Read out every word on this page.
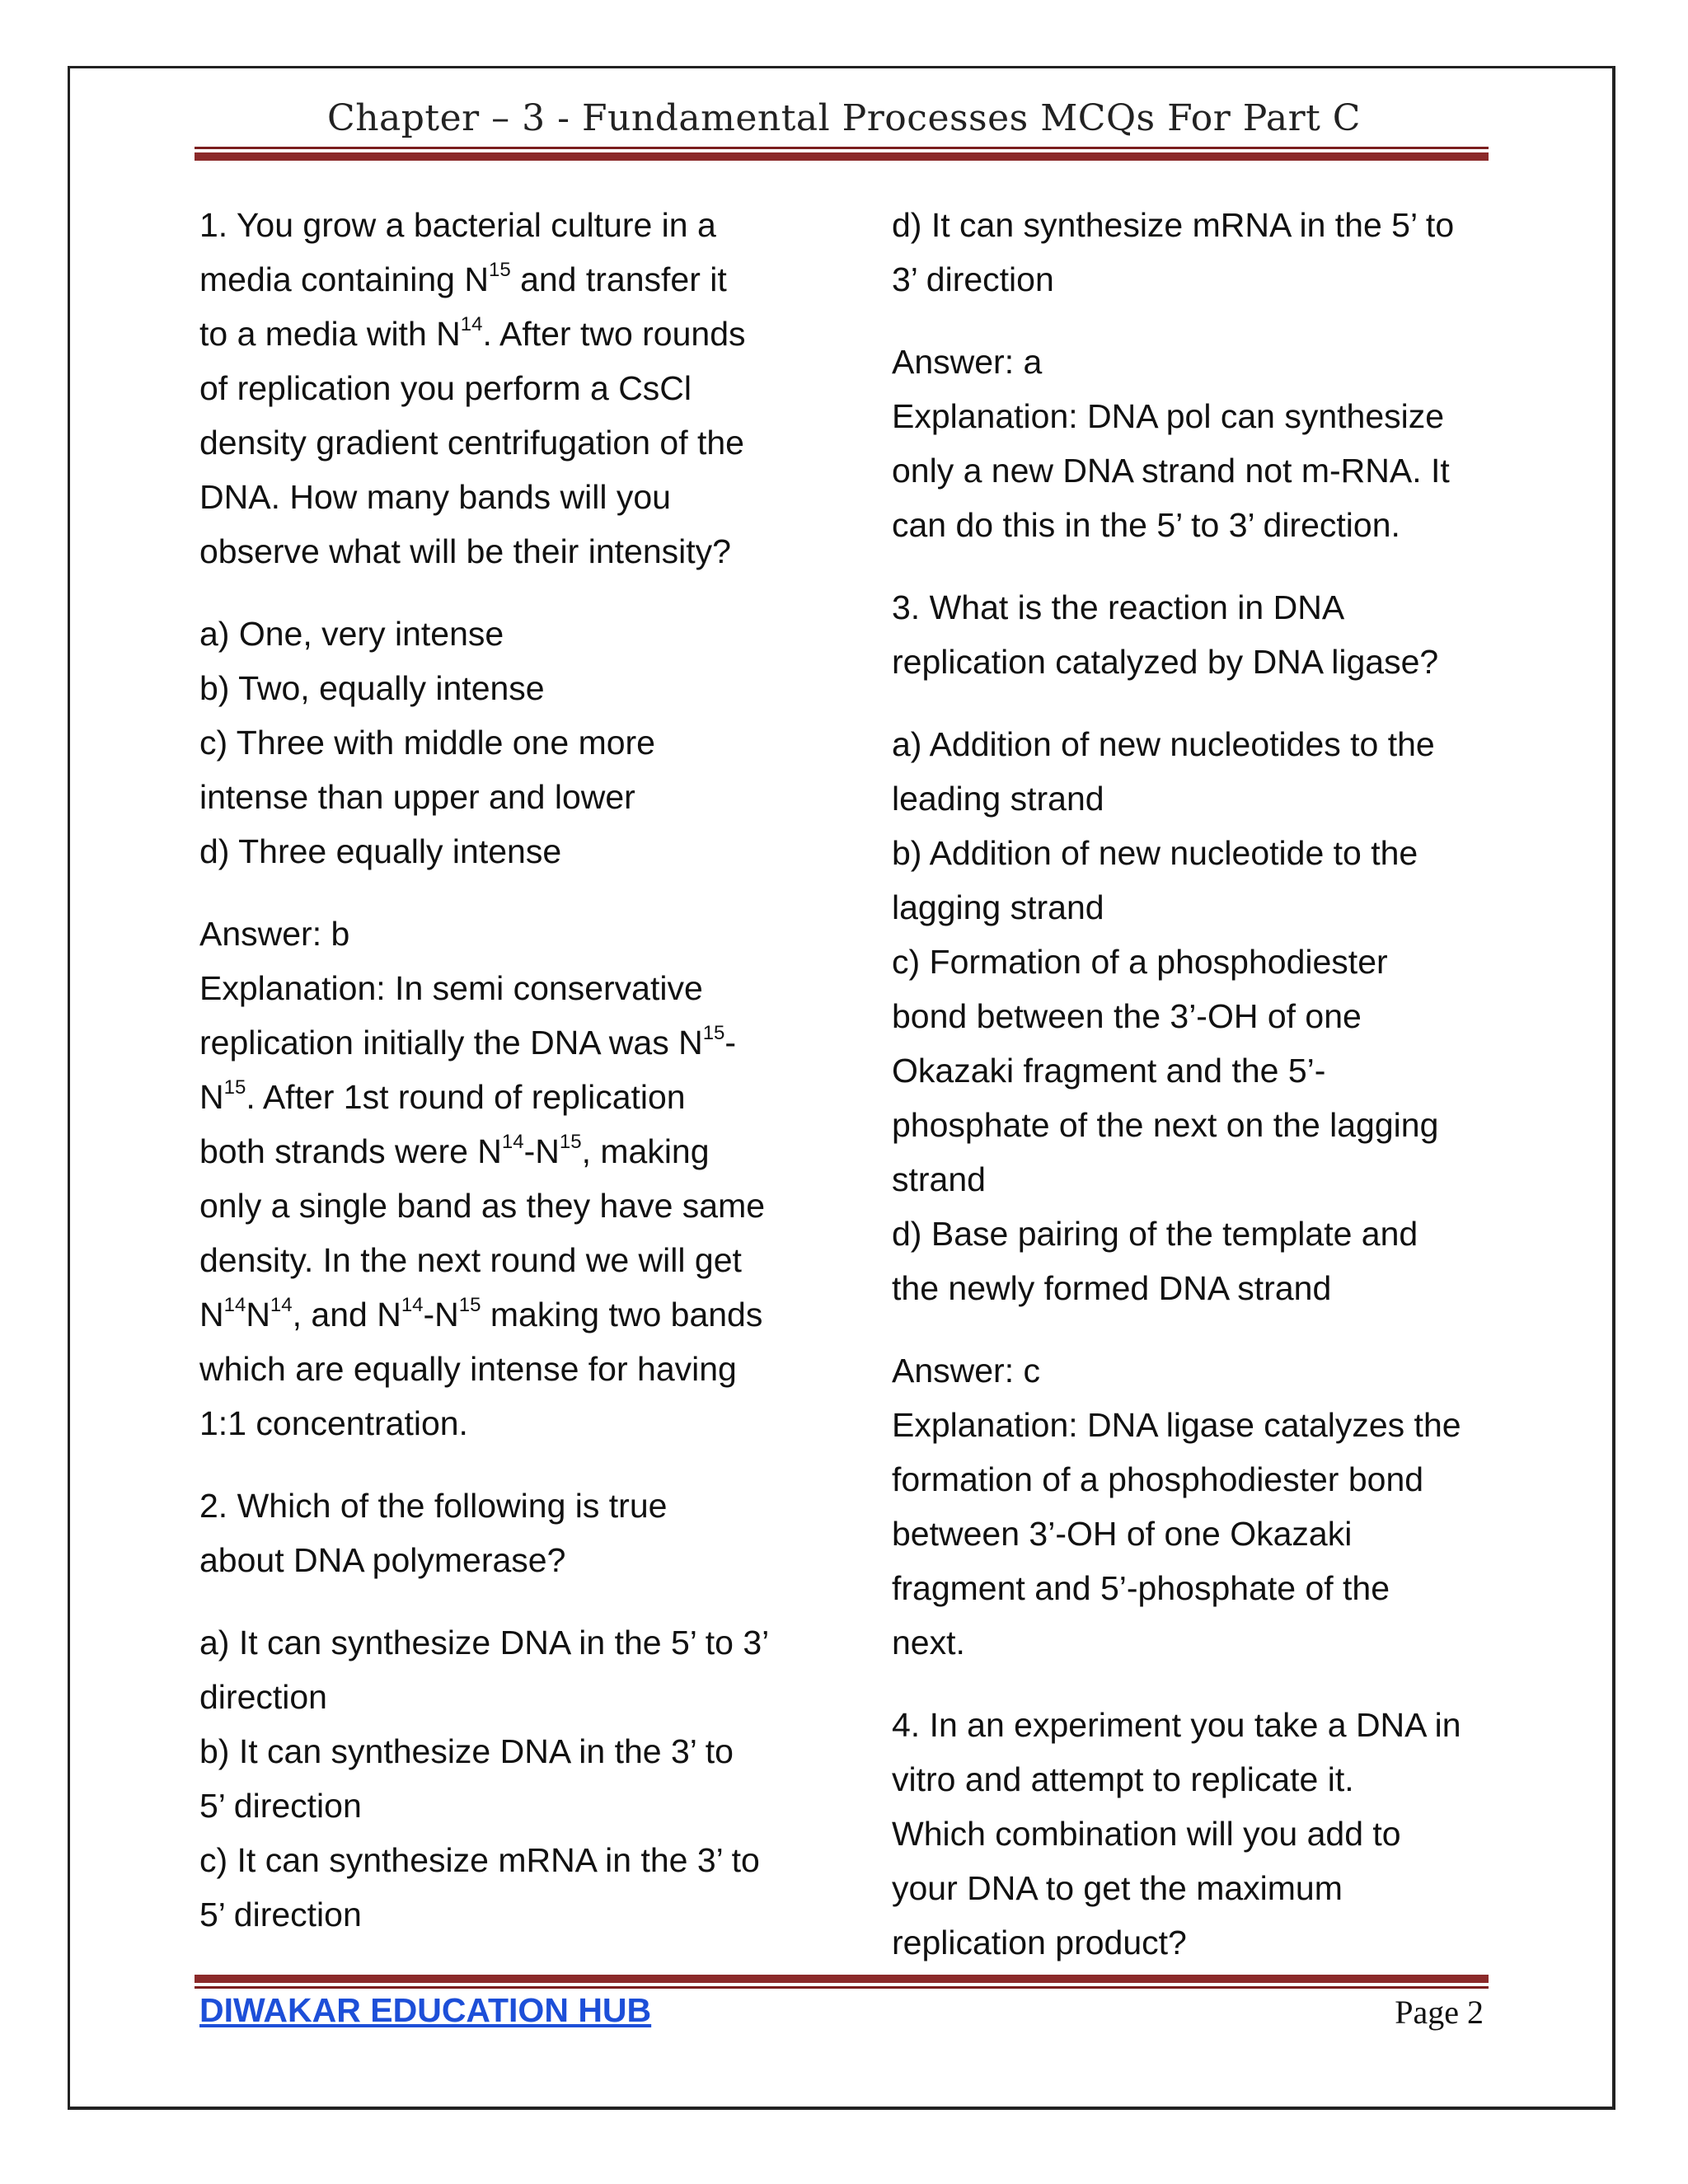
Chapter – 3 - Fundamental Processes MCQs For Part C
1. You grow a bacterial culture in a
media containing $N^{15}$ and transfer it
to a media with $N^{14}$. After two rounds
of replication you perform a CsCl
density gradient centrifugation of the
DNA. How many bands will you
observe what will be their intensity?
a) One, very intense
b) Two, equally intense
c) Three with middle one more
intense than upper and lower
d) Three equally intense
Answer: b
Explanation: In semi conservative
replication initially the DNA was $N^{15}-$
$N^{15}$. After 1st round of replication
both strands were $N^{14}-N^{15}$, making
only a single band as they have same
density. In the next round we will get
$N^{14}N^{14}$, and $N^{14}-N^{15}$ making two bands
which are equally intense for having
1:1 concentration.
2. Which of the following is true
about DNA polymerase?
a) It can synthesize DNA in the 5’ to 3’
direction
b) It can synthesize DNA in the 3’ to
5’ direction
c) It can synthesize mRNA in the 3’ to
5’ direction
d) It can synthesize mRNA in the 5’ to
3’ direction
Answer: a
Explanation: DNA pol can synthesize
only a new DNA strand not m-RNA. It
can do this in the 5’ to 3’ direction.
3. What is the reaction in DNA
replication catalyzed by DNA ligase?
a) Addition of new nucleotides to the
leading strand
b) Addition of new nucleotide to the
lagging strand
c) Formation of a phosphodiester
bond between the 3’-OH of one
Okazaki fragment and the 5’-
phosphate of the next on the lagging
strand
d) Base pairing of the template and
the newly formed DNA strand
Answer: c
Explanation: DNA ligase catalyzes the
formation of a phosphodiester bond
between 3’-OH of one Okazaki
fragment and 5’-phosphate of the
next.
4. In an experiment you take a DNA in
vitro and attempt to replicate it.
Which combination will you add to
your DNA to get the maximum
replication product?
DIWAKAR EDUCATION HUB	Page 2
